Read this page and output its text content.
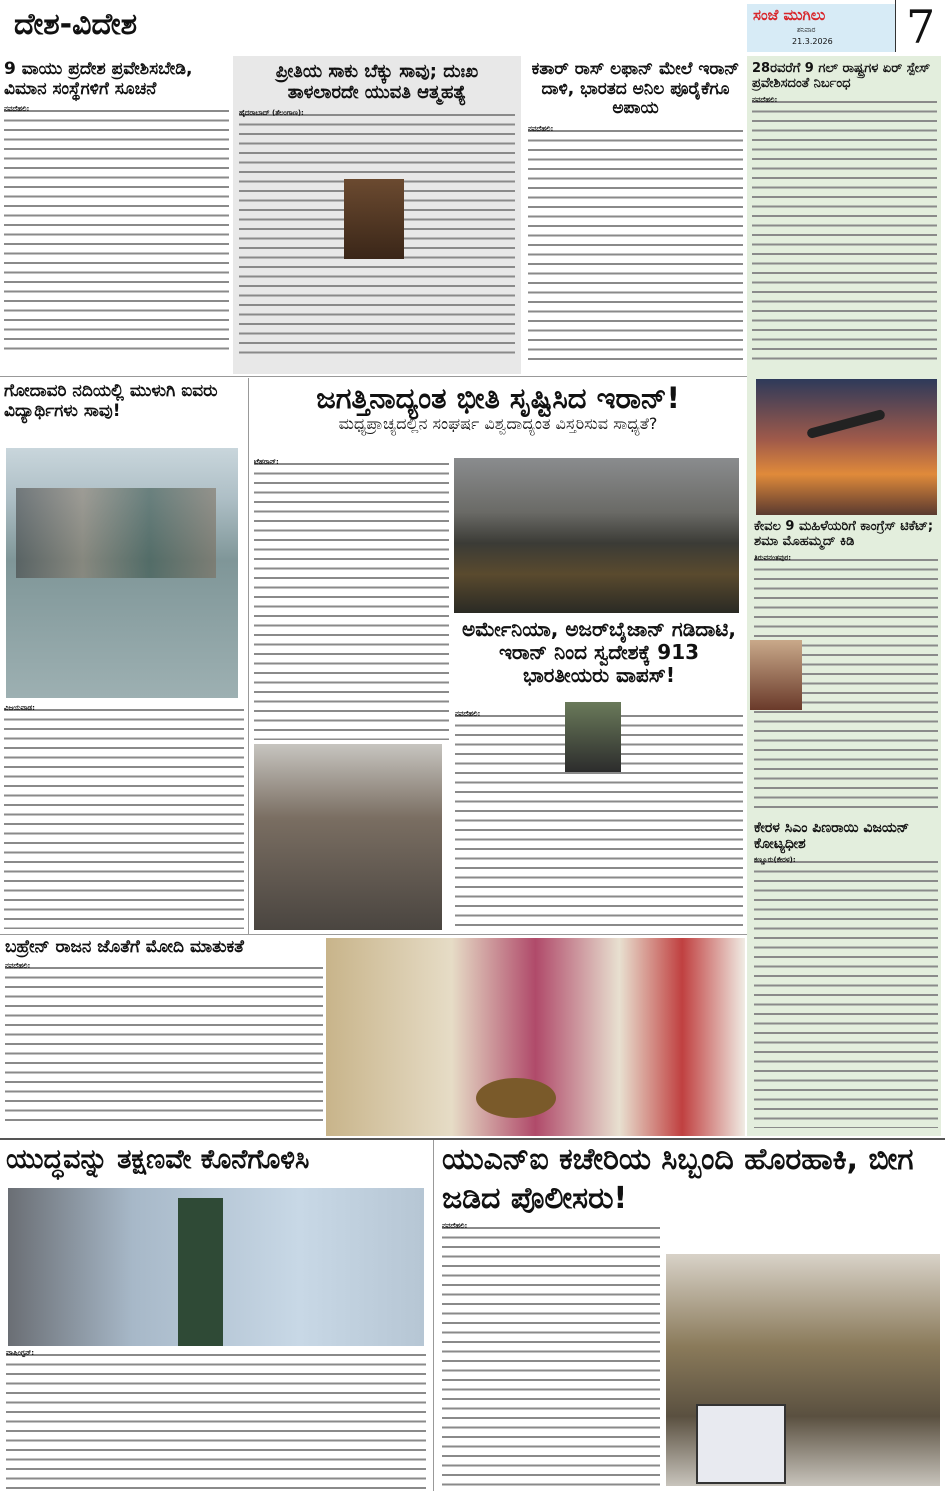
ದೇಶ-ವಿದೇಶ	ಸಂಜೆ ಮುಗಿಲು
ಶನಿವಾರ
21.3.2026 7
9 ವಾಯು ಪ್ರದೇಶ ಪ್ರವೇಶಿಸಬೇಡಿ, ವಿಮಾನ ಸಂಸ್ಥೆಗಳಿಗೆ ಸೂಚನೆ
ನವದೆಹಲಿ:
ಪ್ರೀತಿಯ ಸಾಕು ಬೆಕ್ಕು ಸಾವು; ದುಃಖ ತಾಳಲಾರದೇ ಯುವತಿ ಆತ್ಮಹತ್ಯೆ
ಹೈದರಾಬಾದ್ (ತೆಲಂಗಾಣ):
ಕತಾರ್ ರಾಸ್ ಲಫಾನ್ ಮೇಲೆ ಇರಾನ್ ದಾಳಿ, ಭಾರತದ ಅನಿಲ ಪೂರೈಕೆಗೂ ಅಪಾಯ
ನವದೆಹಲಿ:
28ರವರೆಗೆ 9 ಗಲ್ ರಾಷ್ಟ್ರಗಳ ಏರ್ ಸ್ಪೇಸ್ ಪ್ರವೇಶಿಸದಂತೆ ನಿರ್ಬಂಧ
ನವದೆಹಲಿ:
ಗೋದಾವರಿ ನದಿಯಲ್ಲಿ ಮುಳುಗಿ ಐವರು ವಿದ್ಯಾರ್ಥಿಗಳು ಸಾವು!
ವಿಜಯವಾಡ:
ಜಗತ್ತಿನಾದ್ಯಂತ ಭೀತಿ ಸೃಷ್ಟಿಸಿದ ಇರಾನ್!
ಮಧ್ಯಪ್ರಾಚ್ಯದಲ್ಲಿನ ಸಂಘರ್ಷ ವಿಶ್ವದಾದ್ಯಂತ ವಿಸ್ತರಿಸುವ ಸಾಧ್ಯತೆ?
ಟೆಹರಾನ್:
ಅರ್ಮೇನಿಯಾ, ಅಜರ್‌ಬೈಜಾನ್ ಗಡಿದಾಟಿ, ಇರಾನ್ ನಿಂದ ಸ್ವದೇಶಕ್ಕೆ 913 ಭಾರತೀಯರು ವಾಪಸ್!
ನವದೆಹಲಿ:
ಕೇವಲ 9 ಮಹಿಳೆಯರಿಗೆ ಕಾಂಗ್ರೆಸ್ ಟಿಕೆಟ್; ಶಮಾ ಮೊಹಮ್ಮದ್ ಕಿಡಿ
ತಿರುವನಂತಪುರ:
ಕೇರಳ ಸಿಎಂ ಪಿಣರಾಯಿ ವಿಜಯನ್ ಕೋಟ್ಯಧೀಶ
ಕಣ್ಣೂರು(ಕೇರಳ):
ಬಹ್ರೇನ್ ರಾಜನ ಜೊತೆಗೆ ಮೋದಿ ಮಾತುಕತೆ
ನವದೆಹಲಿ:
ಯುದ್ಧವನ್ನು ತಕ್ಷಣವೇ ಕೊನೆಗೊಳಿಸಿ
ವಾಷಿಂಗ್ಟನ್:
ಯುಎನ್‌ಐ ಕಚೇರಿಯ ಸಿಬ್ಬಂದಿ ಹೊರಹಾಕಿ, ಬೀಗ ಜಡಿದ ಪೊಲೀಸರು!
ನವದೆಹಲಿ:
